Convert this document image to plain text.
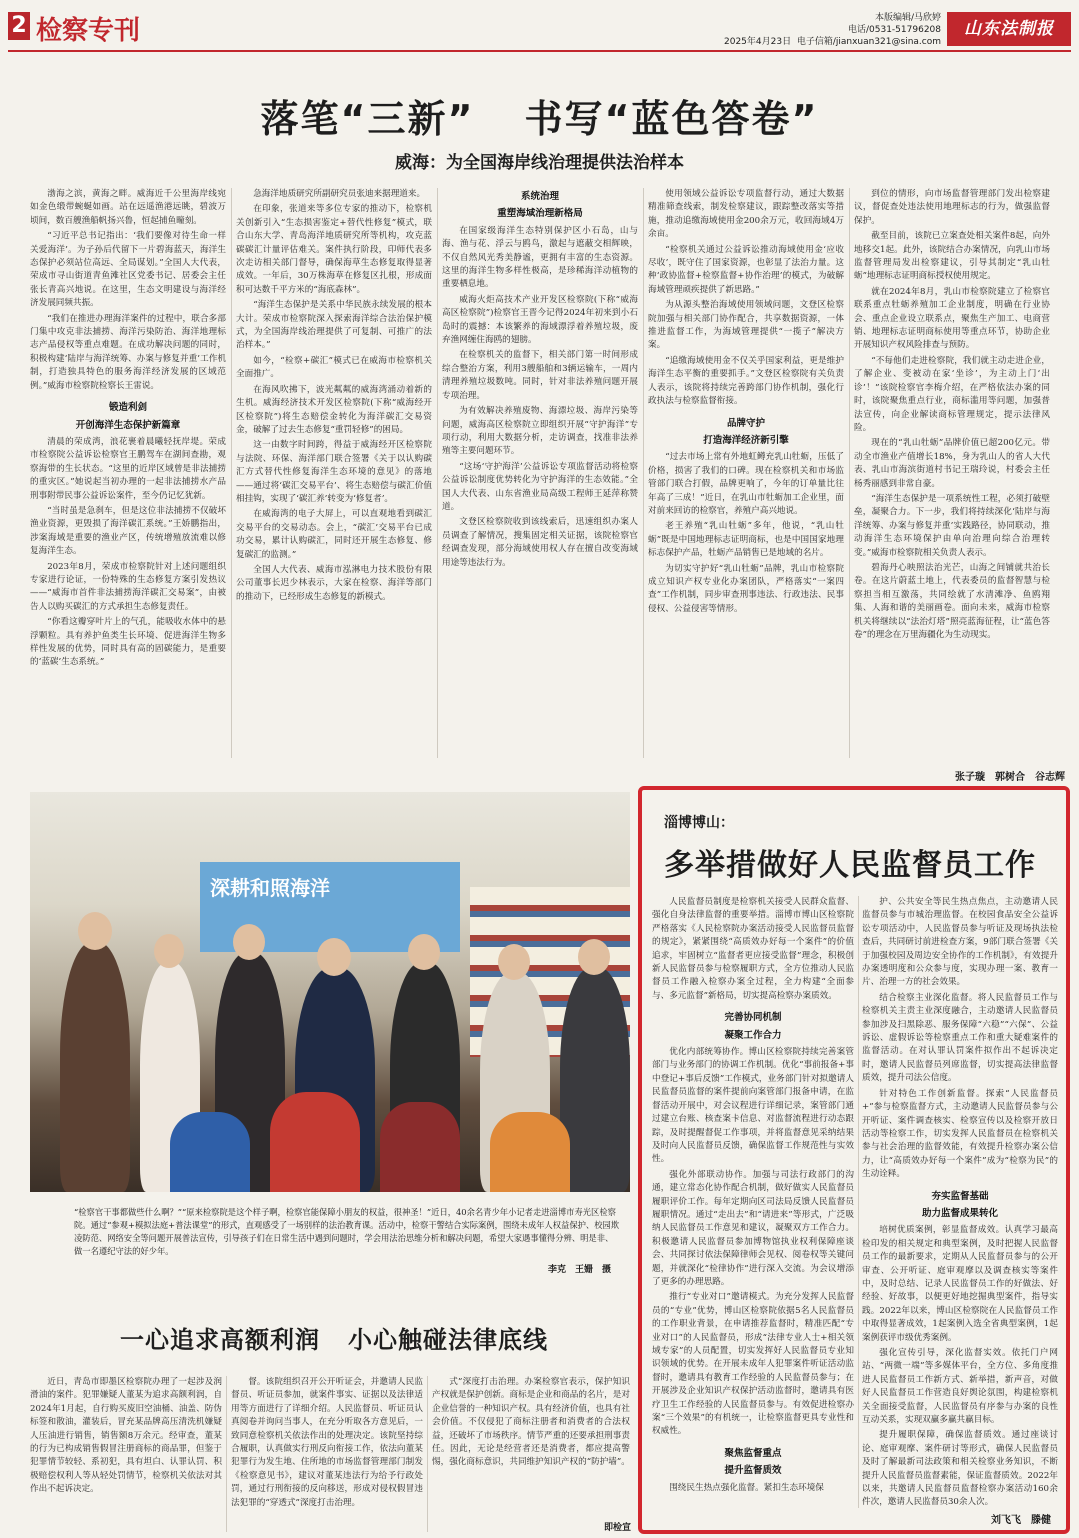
2 检察专刊	本版编辑/马欣婷
电话/0531-51796208
2025年4月23日 电子信箱/jianxuan321@sina.com
山东法制报
落笔“三新” 书写“蓝色答卷”
威海：为全国海岸线治理提供法治样本

渤海之滨，黄海之畔。威海近千公里海岸线宛如金色缎带蜿蜒如画。站在远遥渔港远眺，碧波万顷间，数百艘渔船帆扬兴鲁，恒起捕鱼疃刻。

“习近平总书记指出：‘我们要像对待生命一样关爱海洋’。为子孙后代留下一片碧海蓝天，海洋生态保护必须站位高远、全局谋划。”全国人大代表，荣成市寻山街道青鱼滩社区党委书记、居委会主任张长青高兴地说。在这里，生态文明建设与海洋经济发展同频共振。

“我们在推进办理海洋案件的过程中，联合多部门集中攻克非法捕捞、海洋污染防治、海洋地理标志产品侵权等重点难题。在成功解决问题的同时，积极构建‘陆岸与海洋统筹、办案与修复并重’工作机制，打造独具特色的服务海洋经济发展的区域范例。”威海市检察院检察长王雷说。

锻造利剑
开创海洋生态保护新篇章

清晨的荣成湾，浪花裹着晨曦轻抚岸堤。荣成市检察院公益诉讼检察官王鹏驾车在湖间查勘，观察海带的生长状态。“这里的近岸区域曾是非法捕捞的重灾区。”她说起当初办理的一起非法捕捞水产品刑事附带民事公益诉讼案件，至今仍记忆犹新。

“当时虽是急刹车，但是这位非法捕捞不仅破坏渔业资源，更毁损了海洋碳汇系统。”王娇鹏指出，涉案海域是重要的渔业产区，传统增殖放流难以修复海洋生态。

2023年8月，荣成市检察院针对上述问题组织专家进行论证，一份特殊的生态修复方案引发热议——“威海市首件非法捕捞海洋碳汇交易案”，由被告人以购买碳汇的方式承担生态修复责任。

“你看这瓣穿叶片上的气孔，能吸收水体中的悬浮颗粒。具有养护鱼类生长环境、促进海洋生物多样性发展的优势，同时具有高的固碳能力，是重要的‘蓝碳’生态系统。”

急海洋地质研究所副研究员张迪来据理道来。

在印象，张道来等多位专家的推动下，检察机关创新引入“生态损害鉴定+替代性修复”模式，联合山东大学、青岛海洋地质研究所等机构，攻克蓝碳碳汇计量评估难关。案件执行阶段，印师代表多次走访相关部门督导，确保海草生态修复取得显著成效。一年后，30万株海草在修复区扎根，形成面积可达数千平方米的“海底森林”。

“海洋生态保护是关系中华民族永续发展的根本大计。荣成市检察院深入探索海洋综合法治保护模式，为全国海岸线治理提供了可复制、可推广的法治样本。”

如今，“检察+碳汇”模式已在威海市检察机关全面推广。

在海风吹拂下，波光粼粼的威海湾涌动着新的生机。威海经济技术开发区检察院(下称“威海经开区检察院”)将生态赔偿金转化为海洋碳汇交易资金，破解了过去生态修复“重罚轻修”的困局。

这一由数字时间跨，得益于威海经开区检察院与法院、环保、海洋部门联合签署《关于以认购碳汇方式替代性修复海洋生态环境的意见》的落地——通过将‘碳汇交易平台’、将生态赔偿与碳汇价值相挂钩，实现了‘碳汇养’转变为‘修复者’。

在威海湾的电子大屏上，可以直观地看到碳汇交易平台的交易动态。会上，“碳汇’交易平台已成功交易，累计认购碳汇，同时还开展生态修复、修复碳汇的监测。”

全国人大代表、威海市泓淋电力技术股份有限公司董事长迟少林表示，大家在检察、海洋等部门的推动下，已经形成生态修复的新模式。

系统治理
重塑海域治理新格局

在国家级海洋生态特别保护区小石岛，山与海、渔与花、浮云与鸥鸟，激起与遮蔽交相辉映，不仅自然风光秀美静谧，更拥有丰富的生态资源。这里的海洋生物多样性极高，是珍稀海洋动植物的重要栖息地。

威海火炬高技术产业开发区检察院(下称“威海高区检察院”)检察官王晋今记得2024年初来到小石岛时的震撼：本该繁养的海域漂浮着养殖垃圾，废弃渔网缠住海鸥的翅膀。

在检察机关的监督下，相关部门第一时间形成综合整治方案，利用3艘船舶和3辆运输车，一周内清理养殖垃圾数吨。同时，针对非法养殖问题开展专项治理。

为有效解决养殖废物、海漂垃圾、海岸污染等问题，威海高区检察院立即组织开展“守护海洋”专项行动，利用大数据分析，走访调查，找准非法养殖等主要问题环节。

“这场‘守护海洋’公益诉讼专项监督活动将检察公益诉讼制度优势转化为守护海洋的生态效能。”全国人大代表、山东省渔业局高级工程师王延萍称赞道。

文登区检察院收到该线索后，迅速组织办案人员调查了解情况，搜集固定相关证据，该院检察官经调查发现，部分海域使用权人存在擅自改变海域用途等违法行为。

使用领域公益诉讼专项监督行动，通过大数据精准筛查线索，制发检察建议，跟踪整改落实等措施，推动追缴海域使用金200余万元，收回海域4万余亩。

“检察机关通过公益诉讼推动海域使用金‘应收尽收’，既守住了国家资源，也彰显了法治力量。这种‘政协监督+检察监督+协作治理’的模式，为破解海域管理顽疾提供了新思路。”

为从源头整治海域使用领域问题，文登区检察院加强与相关部门协作配合，共享数据资源，一体推进监督工作，为海域管理提供“一揽子”解决方案。

“追缴海域使用金不仅关乎国家利益，更是维护海洋生态平衡的重要抓手。”文登区检察院有关负责人表示，该院将持续完善跨部门协作机制，强化行政执法与检察监督衔接。

品牌守护
打造海洋经济新引擎

“过去市场上常有外地虹鳟充乳山牡蛎，压低了价格，损害了我们的口碑。现在检察机关和市场监管部门联合打假，品牌更响了，今年的订单量比往年高了三成！”近日，在乳山市牡蛎加工企业里，面对前来回访的检察官，养殖户高兴地说。

老王养殖“乳山牡蛎”多年，他说，“乳山牡蛎”既是中国地理标志证明商标，也是中国国家地理标志保护产品，牡蛎产品销售已是地域的名片。

为切实守护好“乳山牡蛎”品牌，乳山市检察院成立知识产权专业化办案团队，严格落实“一案四查”工作机制，同步审查刑事违法、行政违法、民事侵权、公益侵害等情形。

到位的情形，向市场监督管理部门发出检察建议，督促查处违法使用地理标志的行为，做强监督保护。

截至目前，该院已立案查处相关案件8起，向外地移交1起。此外，该院结合办案情况，向乳山市场监督管理局发出检察建议，引导其制定“乳山牡蛎”地理标志证明商标授权使用规定。

就在2024年8月，乳山市检察院建立了检察官联系重点牡蛎养殖加工企业制度，明确在行业协会、重点企业设立联系点，聚焦生产加工、电商营销、地理标志证明商标使用等重点环节，协助企业开展知识产权风险排查与预防。

“不每他们走进检察院，我们就主动走进企业，了解企业、变被动在家‘坐诊’，为主动上门‘出诊’！”该院检察官李梅介绍，在严格依法办案的同时，该院聚焦重点行业，商标滥用等问题，加强普法宣传，向企业解读商标管理规定，提示法律风险。

现在的“乳山牡蛎”品牌价值已超200亿元。带动全市渔业产值增长18%，身为乳山人的省人大代表、乳山市海滨街道村书记王瑞玲说，村委会主任杨秀丽感到非常自豪。

“海洋生态保护是一项系统性工程，必须打破壁垒，凝聚合力。下一步，我们将持续深化‘陆岸与海洋统筹、办案与修复并重’实践路径，协同联动，推动海洋生态环境保护由单向治理向综合治理转变。”威海市检察院相关负责人表示。

碧海丹心映照法治光芒，山海之间铺就共治长卷。在这片蔚蓝土地上，代表委员的监督智慧与检察担当相互激荡，共同绘就了水清滩净、鱼鸥翔集、人海和谐的美丽画卷。面向未来，威海市检察机关将继续以“法治灯塔”照亮蓝海征程，让“蓝色答卷”的理念在万里海疆化为生动现实。

张子璇　郭树合　谷志辉
深耕和照海洋
“检察官干事都做些什么啊？”“原来检察院是这个样子啊，检察官能保障小朋友的权益，很神圣！”近日，40余名青少年小记者走进淄博市寿光区检察院。通过“参观+模拟法庭+普法课堂”的形式，直观感受了一场别样的法治教育课。活动中，检察干警结合实际案例，围绕未成年人权益保护、校园欺凌防范、网络安全等问题开展普法宣传，引导孩子们在日常生活中遇到问题时，学会用法治思维分析和解决问题，希望大家遇事懂得分辨、明是非、做一名遵纪守法的好少年。
李克　王姗　摄
一心追求高额利润 小心触碰法律底线

近日，青岛市即墨区检察院办理了一起涉及润滑油的案件。犯罪嫌疑人董某为追求高额利润，自2024年1月起，自行购买废旧空油桶、油盖、防伪标签和散油，灌装后，冒充某品牌高压清洗机嫌疑人压油进行销售，销售额8万余元。经审查，董某的行为已构成销售假冒注册商标的商品罪，但鉴于犯罪情节较轻、系初犯，具有坦白、认罪认罚、积极赔偿权利人等从轻处罚情节，检察机关依法对其作出不起诉决定。

督。该院组织召开公开听证会，并邀请人民监督员、听证员参加，就案件事实、证据以及法律适用等方面进行了详细介绍。人民监督员、听证员认真阅卷并询问当事人，在充分听取各方意见后，一致同意检察机关依法作出的处理决定。该院坚持综合履职，认真做实行刑反向衔接工作，依法向董某犯罪行为发生地、住所地的市场监督管理部门制发《检察意见书》，建议对董某违法行为给予行政处罚，通过行刑衔接的反向移送，形成对侵权假冒违法犯罪的“穿透式”深度打击治理。

式”深度打击治理。办案检察官表示，保护知识产权就是保护创新。商标是企业和商品的名片，是对企业信誉的一种知识产权。具有经济价值，也具有社会价值。不仅侵犯了商标注册者和消费者的合法权益，还破坏了市场秩序。情节严重的还要承担刑事责任。因此，无论是经营者还是消费者，都应提高警惕，强化商标意识，共同维护知识产权的“防护墙”。

即检宣
淄博博山：
多举措做好人民监督员工作

人民监督员制度是检察机关接受人民群众监督、强化自身法律监督的重要举措。淄博市博山区检察院严格落实《人民检察院办案活动接受人民监督员监督的规定》，紧紧围绕“高质效办好每一个案件”的价值追求，牢固树立“监督者更应接受监督”理念，积极创新人民监督员参与检察履职方式，全方位推动人民监督员工作融入检察办案全过程，全力构建“全面参与、多元监督”新格局，切实提高检察办案质效。

完善协同机制
凝聚工作合力

优化内部统筹协作。博山区检察院持续完善案管部门与业务部门的协调工作机制。优化“事前报备+事中登记+事后反馈”工作模式，业务部门针对拟邀请人民监督员监督的案件提前向案管部门报备申请，在监督活动开展中，对会议程进行详细记录，案管部门通过建立台账、核查案卡信息、对监督流程进行动态跟踪，及时提醒督促工作事项，并将监督意见采纳结果及时向人民监督员反馈，确保监督工作规范性与实效性。

强化外部联动协作。加强与司法行政部门的沟通，建立常态化协作配合机制，做好做实人民监督员履职评价工作。每年定期向区司法局反馈人民监督员履职情况。通过“走出去”和“请进来”等形式，广泛吸纳人民监督员工作意见和建议，凝聚双方工作合力。积极邀请人民监督员参加博物馆执业权利保障座谈会、共同探讨依法保障律师会见权、阅卷权等关键问题，并就深化“检律协作”进行深入交流。为会议增添了更多的办理思路。

推行“专业对口”邀请模式。为充分发挥人民监督员的“专业”优势，博山区检察院依据5名人民监督员的工作职业背景，在申请推荐监督时，精准匹配“专业对口”的人民监督员，形成“法律专业人士+相关领域专家”的人员配置，切实发挥好人民监督员专业知识领域的优势。在开展未成年人犯罪案件听证活动监督时，邀请具有教育工作经验的人民监督员参与；在开展涉及企业知识产权保护活动监督时，邀请具有医疗卫生工作经验的人民监督员参与。有效促进检察办案“三个效果”的有机统一，让检察监督更具专业性和权威性。

聚焦监督重点
提升监督质效

围绕民生热点强化监督。紧扣生态环境保

护、公共安全等民生热点焦点，主动邀请人民监督员参与市城治理监督。在校园食品安全公益诉讼专项活动中，人民监督员参与听证及现场执法检查后，共同研讨前进检查方案，9部门联合签署《关于加强校园及周边安全协作的工作机制》，有效提升办案透明度和公众参与度，实现办理一案、教育一片、治理一方的社会效果。

结合检察主业深化监督。将人民监督员工作与检察机关主责主业深度融合，主动邀请人民监督员参加涉及扫黑除恶、服务保障“六稳”“六保”、公益诉讼、虚假诉讼等检察重点工作和重大疑难案件的监督活动。在对认罪认罚案件拟作出不起诉决定时，邀请人民监督员列席监督，切实提高法律监督质效，提升司法公信度。

针对特色工作创新监督。探索“人民监督员+”参与检察监督方式，主动邀请人民监督员参与公开听证、案件调查核实、检察宣传以及检察开放日活动等检察工作，切实发挥人民监督员在检察机关参与社会治理的监督效能，有效提升检察办案公信力，让“高质效办好每一个案件”成为“检察为民”的生动诠释。

夯实监督基础
助力监督成果转化

培树优质案例，彰显监督成效。认真学习最高检印发的相关规定和典型案例，及时把握人民监督员工作的最新要求，定期从人民监督员参与的公开审查、公开听证、庭审观摩以及调查核实等案件中，及时总结、记录人民监督员工作的好做法、好经验、好故事，以便更好地挖掘典型案件，指导实践。2022年以来，博山区检察院在人民监督员工作中取得显著成效，1起案例入选全省典型案例，1起案例获评市级优秀案例。

强化宣传引导，深化监督实效。依托门户网站、“两微一端”等多媒体平台，全方位、多角度推进人民监督员工作新方式、新举措，新声音，对做好人民监督员工作营造良好舆论氛围，构建检察机关全面接受监督，人民监督员有序参与办案的良性互动关系，实现双赢多赢共赢目标。

提升履职保障，确保监督质效。通过座谈讨论、庭审观摩、案件研讨等形式，确保人民监督员及时了解最新司法政策和相关检察业务知识，不断提升人民监督员监督素能，保证监督质效。2022年以来，共邀请人民监督员监督检察办案活动160余件次，邀请人民监督员30余人次。

刘飞飞　滕健
